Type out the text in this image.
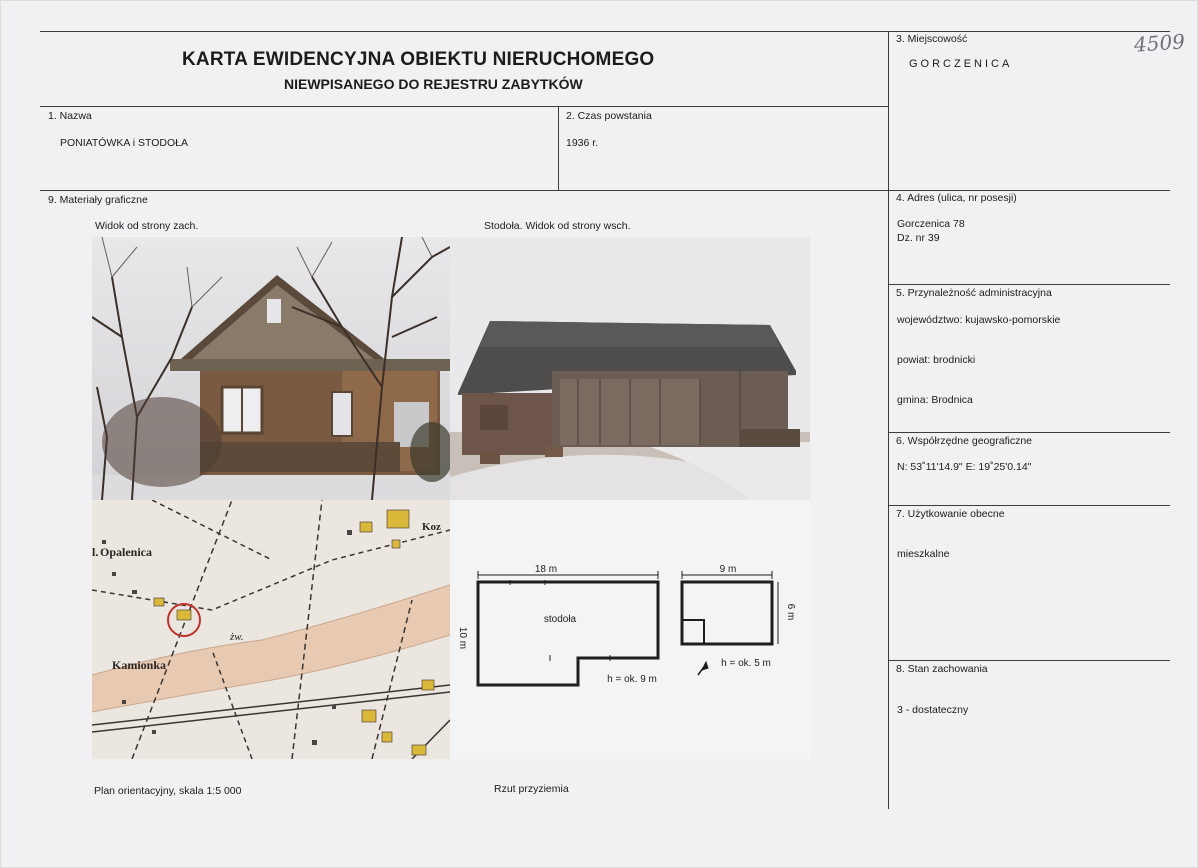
KARTA EWIDENCYJNA OBIEKTU NIERUCHOMEGO
NIEWPISANEGO DO REJESTRU ZABYTKÓW
4509
1. Nazwa
PONIATÓWKA i STODOŁA
2. Czas powstania
1936 r.
3. Miejscowość
GORCZENICA
4. Adres (ulica, nr posesji)
Gorczenica 78
Dz. nr 39
5. Przynależność administracyjna
województwo: kujawsko-pomorskie
powiat: brodnicki
gmina: Brodnica
6. Współrzędne geograficzne
N: 53˚11'14.9" E: 19˚25'0.14"
7. Użytkowanie obecne
mieszkalne
8. Stan zachowania
3 - dostateczny
9. Materiały graficzne
Widok od strony zach.	Stodoła. Widok od strony wsch.
Plan orientacyjny, skala 1:5 000	Rzut przyziemia
l. Opalenica
Kamionka
Koz
żw.
18 m
stodoła
10 m
h = ok. 9 m
9 m
6 m
h = ok. 5 m
